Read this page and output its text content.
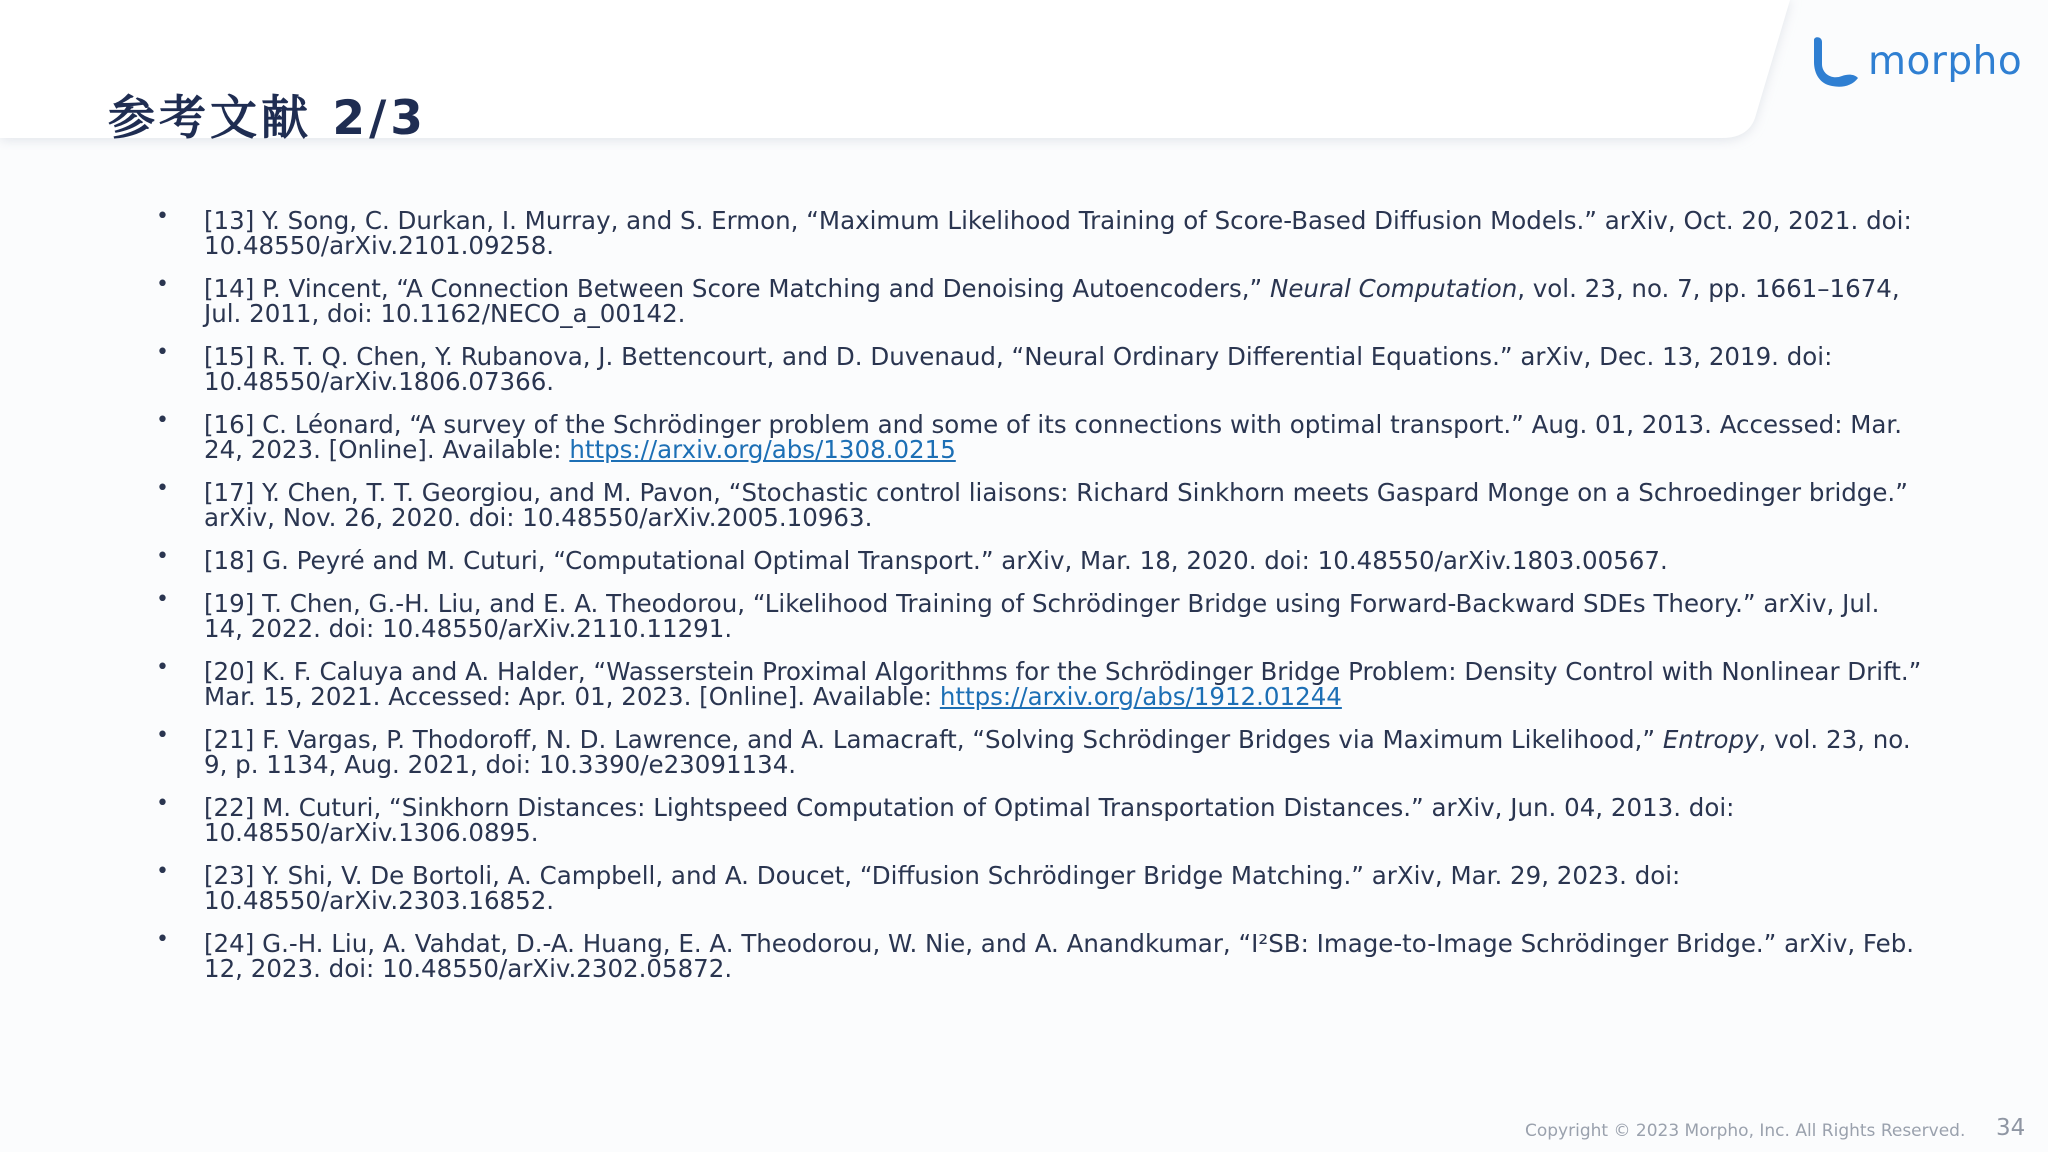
参考文献 2/3
morpho
• [13] Y. Song, C. Durkan, I. Murray, and S. Ermon, “Maximum Likelihood Training of Score-Based Diffusion Models.” arXiv, Oct. 20, 2021. doi: 10.48550/arXiv.2101.09258.
• [14] P. Vincent, “A Connection Between Score Matching and Denoising Autoencoders,” Neural Computation, vol. 23, no. 7, pp. 1661–1674, Jul. 2011, doi: 10.1162/NECO_a_00142.
• [15] R. T. Q. Chen, Y. Rubanova, J. Bettencourt, and D. Duvenaud, “Neural Ordinary Differential Equations.” arXiv, Dec. 13, 2019. doi: 10.48550/arXiv.1806.07366.
• [16] C. Léonard, “A survey of the Schrödinger problem and some of its connections with optimal transport.” Aug. 01, 2013. Accessed: Mar. 24, 2023. [Online]. Available: https://arxiv.org/abs/1308.0215
• [17] Y. Chen, T. T. Georgiou, and M. Pavon, “Stochastic control liaisons: Richard Sinkhorn meets Gaspard Monge on a Schroedinger bridge.” arXiv, Nov. 26, 2020. doi: 10.48550/arXiv.2005.10963.
• [18] G. Peyré and M. Cuturi, “Computational Optimal Transport.” arXiv, Mar. 18, 2020. doi: 10.48550/arXiv.1803.00567.
• [19] T. Chen, G.-H. Liu, and E. A. Theodorou, “Likelihood Training of Schrödinger Bridge using Forward-Backward SDEs Theory.” arXiv, Jul. 14, 2022. doi: 10.48550/arXiv.2110.11291.
• [20] K. F. Caluya and A. Halder, “Wasserstein Proximal Algorithms for the Schrödinger Bridge Problem: Density Control with Nonlinear Drift.” Mar. 15, 2021. Accessed: Apr. 01, 2023. [Online]. Available: https://arxiv.org/abs/1912.01244
• [21] F. Vargas, P. Thodoroff, N. D. Lawrence, and A. Lamacraft, “Solving Schrödinger Bridges via Maximum Likelihood,” Entropy, vol. 23, no. 9, p. 1134, Aug. 2021, doi: 10.3390/e23091134.
• [22] M. Cuturi, “Sinkhorn Distances: Lightspeed Computation of Optimal Transportation Distances.” arXiv, Jun. 04, 2013. doi: 10.48550/arXiv.1306.0895.
• [23] Y. Shi, V. De Bortoli, A. Campbell, and A. Doucet, “Diffusion Schrödinger Bridge Matching.” arXiv, Mar. 29, 2023. doi: 10.48550/arXiv.2303.16852.
• [24] G.-H. Liu, A. Vahdat, D.-A. Huang, E. A. Theodorou, W. Nie, and A. Anandkumar, “I²SB: Image-to-Image Schrödinger Bridge.” arXiv, Feb. 12, 2023. doi: 10.48550/arXiv.2302.05872.
Copyright © 2023 Morpho, Inc. All Rights Reserved. 34
